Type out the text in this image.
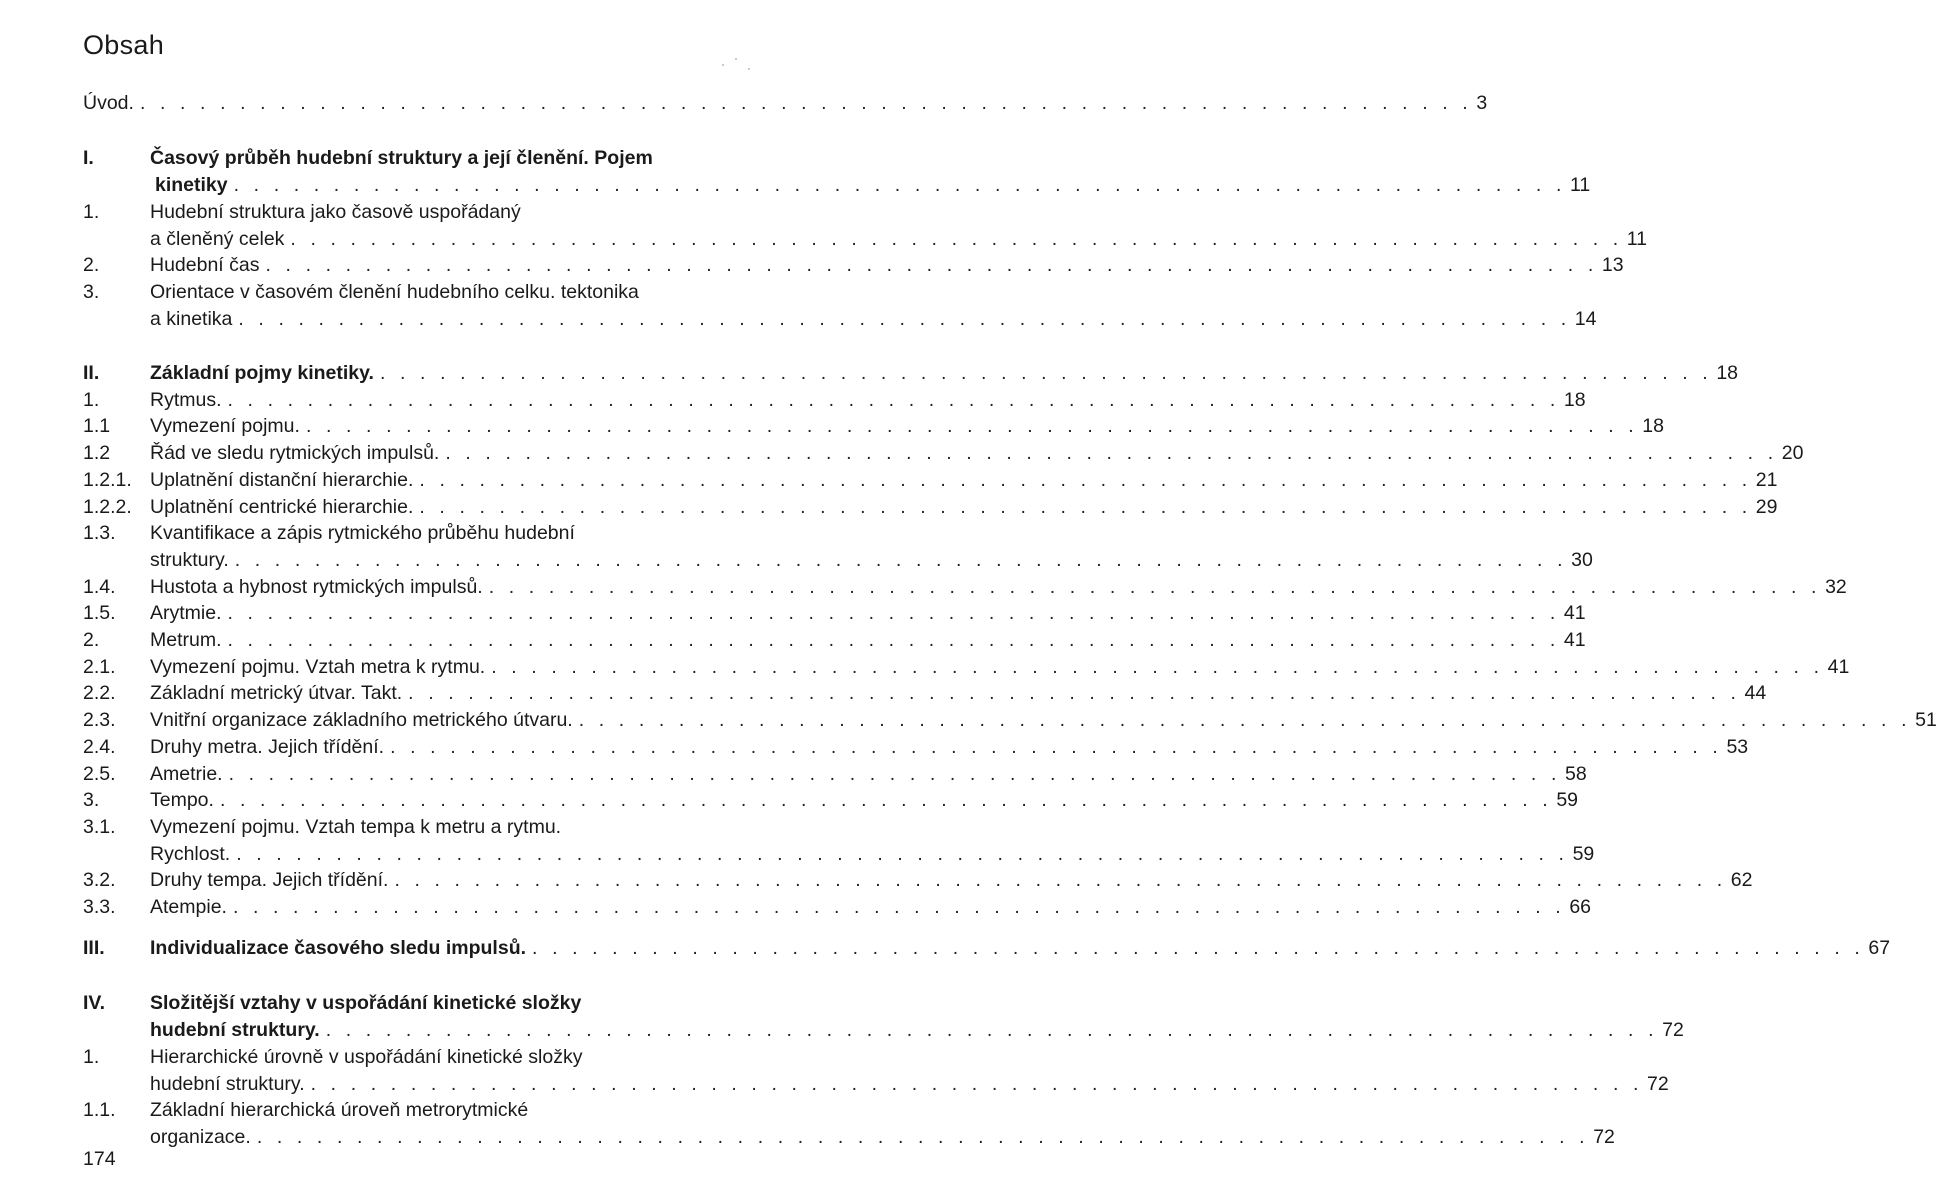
Obsah
Úvod. . . . . . . . . . . . . . . . . . . . . . . . . . . . . . . . . . . . . . . . . . . . . . . . . . . . . . . . . . . . . . . . . . . . 3
I.	Časový průběh hudební struktury a její členění. Pojem
kinetiky . . . . . . . . . . . . . . . . . . . . . . . . . . . . . . . . . . . . . . . . . . . . . . . . . . . . . . . . . . . . . . . . . . . 11
1.	Hudební struktura jako časově uspořádaný
a členěný celek . . . . . . . . . . . . . . . . . . . . . . . . . . . . . . . . . . . . . . . . . . . . . . . . . . . . . . . . . . . . . . . . . . . 11
2.	Hudební čas . . . . . . . . . . . . . . . . . . . . . . . . . . . . . . . . . . . . . . . . . . . . . . . . . . . . . . . . . . . . . . . . . . . 13
3.	Orientace v časovém členění hudebního celku. tektonika
a kinetika . . . . . . . . . . . . . . . . . . . . . . . . . . . . . . . . . . . . . . . . . . . . . . . . . . . . . . . . . . . . . . . . . . . 14
II.	Základní pojmy kinetiky. . . . . . . . . . . . . . . . . . . . . . . . . . . . . . . . . . . . . . . . . . . . . . . . . . . . . . . . . . . . . . . . . . . . 18
1.	Rytmus. . . . . . . . . . . . . . . . . . . . . . . . . . . . . . . . . . . . . . . . . . . . . . . . . . . . . . . . . . . . . . . . . . . . 18
1.1 Vymezení pojmu. . . . . . . . . . . . . . . . . . . . . . . . . . . . . . . . . . . . . . . . . . . . . . . . . . . . . . . . . . . . . . . . . . . . 18
1.2 Řád ve sledu rytmických impulsů. . . . . . . . . . . . . . . . . . . . . . . . . . . . . . . . . . . . . . . . . . . . . . . . . . . . . . . . . . . . . . . . . . . . 20
1.2.1. Uplatnění distanční hierarchie. . . . . . . . . . . . . . . . . . . . . . . . . . . . . . . . . . . . . . . . . . . . . . . . . . . . . . . . . . . . . . . . . . . . 21
1.2.2. Uplatnění centrické hierarchie. . . . . . . . . . . . . . . . . . . . . . . . . . . . . . . . . . . . . . . . . . . . . . . . . . . . . . . . . . . . . . . . . . . . 29
1.3. Kvantifikace a zápis rytmického průběhu hudební
struktury. . . . . . . . . . . . . . . . . . . . . . . . . . . . . . . . . . . . . . . . . . . . . . . . . . . . . . . . . . . . . . . . . . . . 30
1.4. Hustota a hybnost rytmických impulsů. . . . . . . . . . . . . . . . . . . . . . . . . . . . . . . . . . . . . . . . . . . . . . . . . . . . . . . . . . . . . . . . . . . . 32
1.5. Arytmie. . . . . . . . . . . . . . . . . . . . . . . . . . . . . . . . . . . . . . . . . . . . . . . . . . . . . . . . . . . . . . . . . . . . 41
2.	Metrum. . . . . . . . . . . . . . . . . . . . . . . . . . . . . . . . . . . . . . . . . . . . . . . . . . . . . . . . . . . . . . . . . . . . 41
2.1. Vymezení pojmu. Vztah metra k rytmu. . . . . . . . . . . . . . . . . . . . . . . . . . . . . . . . . . . . . . . . . . . . . . . . . . . . . . . . . . . . . . . . . . . . 41
2.2. Základní metrický útvar. Takt. . . . . . . . . . . . . . . . . . . . . . . . . . . . . . . . . . . . . . . . . . . . . . . . . . . . . . . . . . . . . . . . . . . . 44
2.3. Vnitřní organizace základního metrického útvaru. . . . . . . . . . . . . . . . . . . . . . . . . . . . . . . . . . . . . . . . . . . . . . . . . . . . . . . . . . . . . . . . . . . . 51
2.4. Druhy metra. Jejich třídění. . . . . . . . . . . . . . . . . . . . . . . . . . . . . . . . . . . . . . . . . . . . . . . . . . . . . . . . . . . . . . . . . . . . 53
2.5. Ametrie. . . . . . . . . . . . . . . . . . . . . . . . . . . . . . . . . . . . . . . . . . . . . . . . . . . . . . . . . . . . . . . . . . . . 58
3.	Tempo. . . . . . . . . . . . . . . . . . . . . . . . . . . . . . . . . . . . . . . . . . . . . . . . . . . . . . . . . . . . . . . . . . . . 59
3.1. Vymezení pojmu. Vztah tempa k metru a rytmu.
Rychlost. . . . . . . . . . . . . . . . . . . . . . . . . . . . . . . . . . . . . . . . . . . . . . . . . . . . . . . . . . . . . . . . . . . . 59
3.2. Druhy tempa. Jejich třídění. . . . . . . . . . . . . . . . . . . . . . . . . . . . . . . . . . . . . . . . . . . . . . . . . . . . . . . . . . . . . . . . . . . . 62
3.3. Atempie. . . . . . . . . . . . . . . . . . . . . . . . . . . . . . . . . . . . . . . . . . . . . . . . . . . . . . . . . . . . . . . . . . . . 66
III. Individualizace časového sledu impulsů. . . . . . . . . . . . . . . . . . . . . . . . . . . . . . . . . . . . . . . . . . . . . . . . . . . . . . . . . . . . . . . . . . . . 67
IV. Složitější vztahy v uspořádání kinetické složky
hudební struktury. . . . . . . . . . . . . . . . . . . . . . . . . . . . . . . . . . . . . . . . . . . . . . . . . . . . . . . . . . . . . . . . . . . . 72
1.	Hierarchické úrovně v uspořádání kinetické složky
hudební struktury. . . . . . . . . . . . . . . . . . . . . . . . . . . . . . . . . . . . . . . . . . . . . . . . . . . . . . . . . . . . . . . . . . . . 72
1.1. Základní hierarchická úroveň metrorytmické
organizace. . . . . . . . . . . . . . . . . . . . . . . . . . . . . . . . . . . . . . . . . . . . . . . . . . . . . . . . . . . . . . . . . . . . 72
174
